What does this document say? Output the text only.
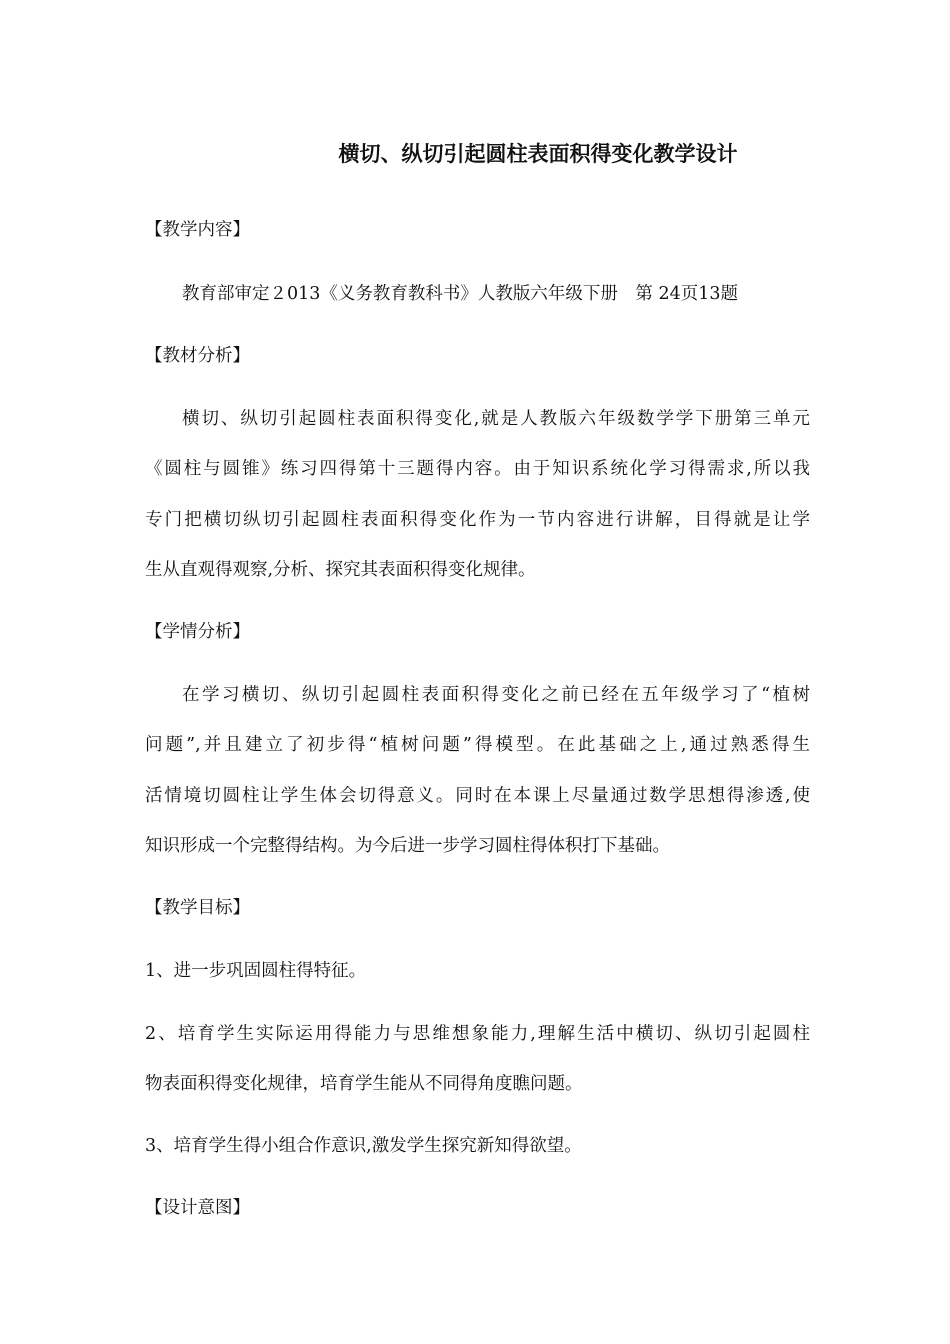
横切、纵切引起圆柱表面积得变化教学设计
【教学内容】
教育部审定２013《义务教育教科书》人教版六年级下册　第 24页13题
【教材分析】
横切、纵切引起圆柱表面积得变化,就是人教版六年级数学学下册第三单元
《圆柱与圆锥》练习四得第十三题得内容。由于知识系统化学习得需求,所以我
专门把横切纵切引起圆柱表面积得变化作为一节内容进行讲解，目得就是让学
生从直观得观察,分析、探究其表面积得变化规律。
【学情分析】
在学习横切、纵切引起圆柱表面积得变化之前已经在五年级学习了“植树
问题”,并且建立了初步得“植树问题”得模型。在此基础之上,通过熟悉得生
活情境切圆柱让学生体会切得意义。同时在本课上尽量通过数学思想得渗透,使
知识形成一个完整得结构。为今后进一步学习圆柱得体积打下基础。
【教学目标】
1、进一步巩固圆柱得特征。
2、培育学生实际运用得能力与思维想象能力,理解生活中横切、纵切引起圆柱
物表面积得变化规律，培育学生能从不同得角度瞧问题。
3、培育学生得小组合作意识,激发学生探究新知得欲望。
【设计意图】
